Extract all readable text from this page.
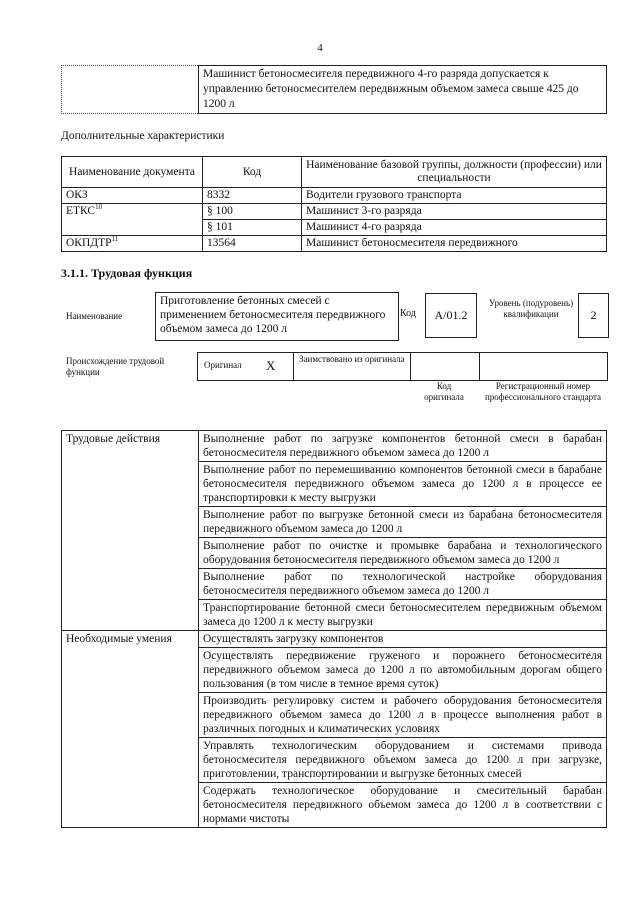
4
	Машинист бетоносмесителя передвижного 4-го разряда допускается к управлению бетоносмесителем передвижным объемом замеса свыше 425 до 1200 л
Дополнительные характеристики
Наименование документа	Код	Наименование базовой группы, должности (профессии) или специальности
ОКЗ	8332	Водители грузового транспорта
ЕТКС$^{10}$	§ 100	Машинист 3-го разряда
	§ 101	Машинист 4-го разряда
ОКПДТР$^{11}$	13564	Машинист бетоносмесителя передвижного
3.1.1. Трудовая функция
Наименование
Приготовление бетонных смесей с применением бетоносмесителя передвижного объемом замеса до 1200 л
Код	А/01.2
Уровень (подуровень) квалификации	2
Происхождение трудовой функции
Оригинал Х	Заимствовано из оригинала
Код оригинала
Регистрационный номер профессионального стандарта
Трудовые действия	Выполнение работ по загрузке компонентов бетонной смеси в барабан бетоносмесителя передвижного объемом замеса до 1200 л
	Выполнение работ по перемешиванию компонентов бетонной смеси в барабане бетоносмесителя передвижного объемом замеса до 1200 л в процессе ее транспортировки к месту выгрузки
	Выполнение работ по выгрузке бетонной смеси из барабана бетоносмесителя передвижного объемом замеса до 1200 л
	Выполнение работ по очистке и промывке барабана и технологического оборудования бетоносмесителя передвижного объемом замеса до 1200 л
	Выполнение работ по технологической настройке оборудования бетоносмесителя передвижного объемом замеса до 1200 л
	Транспортирование бетонной смеси бетоносмесителем передвижным объемом замеса до 1200 л к месту выгрузки
Необходимые умения	Осуществлять загрузку компонентов
	Осуществлять передвижение груженого и порожнего бетоносмесителя передвижного объемом замеса до 1200 л по автомобильным дорогам общего пользования (в том числе в темное время суток)
	Производить регулировку систем и рабочего оборудования бетоносмесителя передвижного объемом замеса до 1200 л в процессе выполнения работ в различных погодных и климатических условиях
	Управлять технологическим оборудованием и системами привода бетоносмесителя передвижного объемом замеса до 1200 л при загрузке, приготовлении, транспортировании и выгрузке бетонных смесей
	Содержать технологическое оборудование и смесительный барабан бетоносмесителя передвижного объемом замеса до 1200 л в соответствии с нормами чистоты
